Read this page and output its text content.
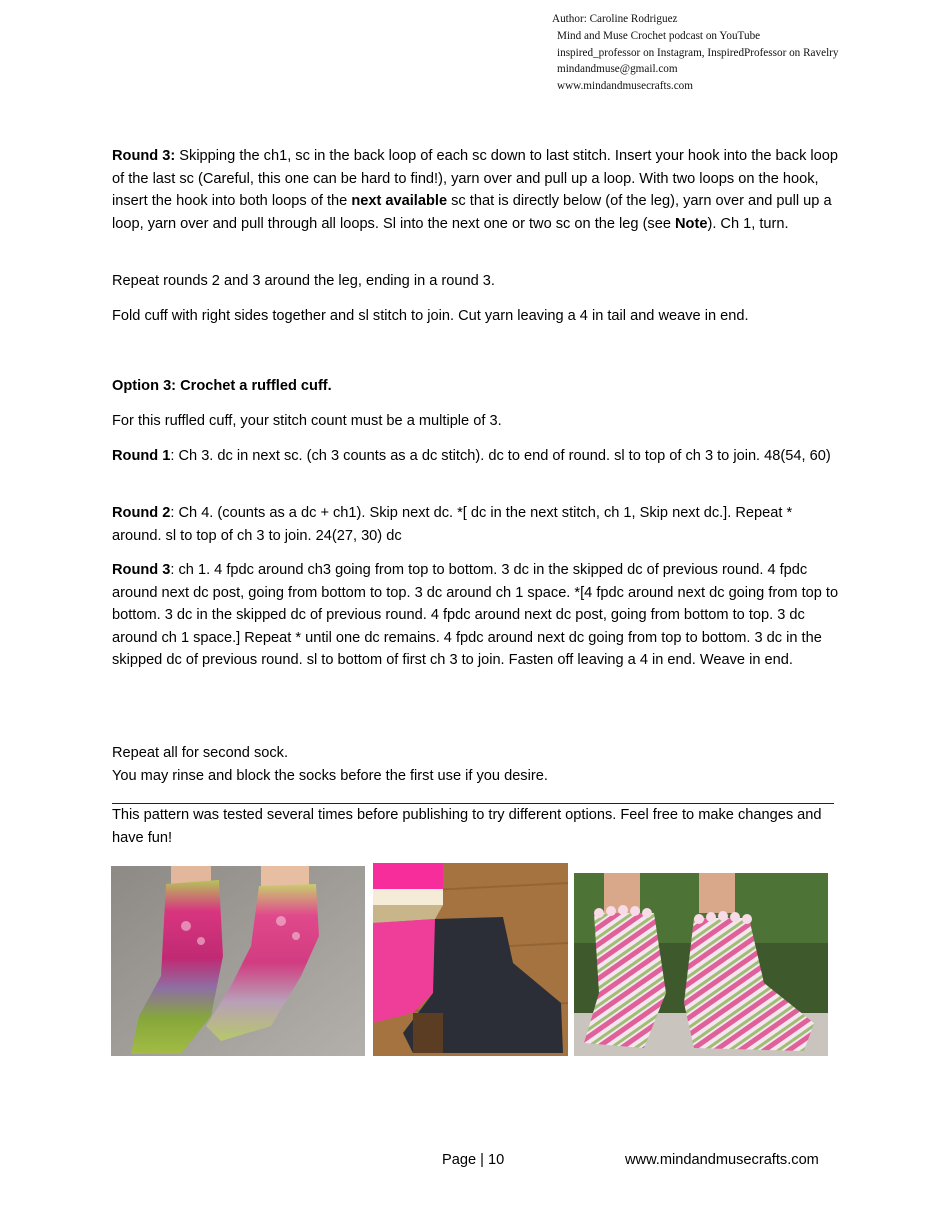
Author: Caroline Rodriguez
Mind and Muse Crochet podcast on YouTube
inspired_professor on Instagram, InspiredProfessor on Ravelry
mindandmuse@gmail.com
www.mindandmusecrafts.com

Round 3: Skipping the ch1, sc in the back loop of each sc down to last stitch. Insert your hook into the back loop of the last sc (Careful, this one can be hard to find!), yarn over and pull up a loop. With two loops on the hook, insert the hook into both loops of the next available sc that is directly below (of the leg), yarn over and pull up a loop, yarn over and pull through all loops. Sl into the next one or two sc on the leg (see Note). Ch 1, turn.

Repeat rounds 2 and 3 around the leg, ending in a round 3.

Fold cuff with right sides together and sl stitch to join. Cut yarn leaving a 4 in tail and weave in end.

Option 3: Crochet a ruffled cuff.

For this ruffled cuff, your stitch count must be a multiple of 3.

Round 1: Ch 3. dc in next sc. (ch 3 counts as a dc stitch). dc to end of round. sl to top of ch 3 to join. 48(54, 60)

Round 2: Ch 4. (counts as a dc + ch1). Skip next dc. *[ dc in the next stitch, ch 1, Skip next dc.]. Repeat * around. sl to top of ch 3 to join. 24(27, 30) dc

Round 3: ch 1. 4 fpdc around ch3 going from top to bottom. 3 dc in the skipped dc of previous round. 4 fpdc around next dc post, going from bottom to top. 3 dc around ch 1 space. *[4 fpdc around next dc going from top to bottom. 3 dc in the skipped dc of previous round. 4 fpdc around next dc post, going from bottom to top. 3 dc around ch 1 space.] Repeat * until one dc remains. 4 fpdc around next dc going from top to bottom. 3 dc in the skipped dc of previous round. sl to bottom of first ch 3 to join. Fasten off leaving a 4 in end. Weave in end.

Repeat all for second sock.

You may rinse and block the socks before the first use if you desire.

This pattern was tested several times before publishing to try different options. Feel free to make changes and have fun!

Page | 10	www.mindandmusecrafts.com
